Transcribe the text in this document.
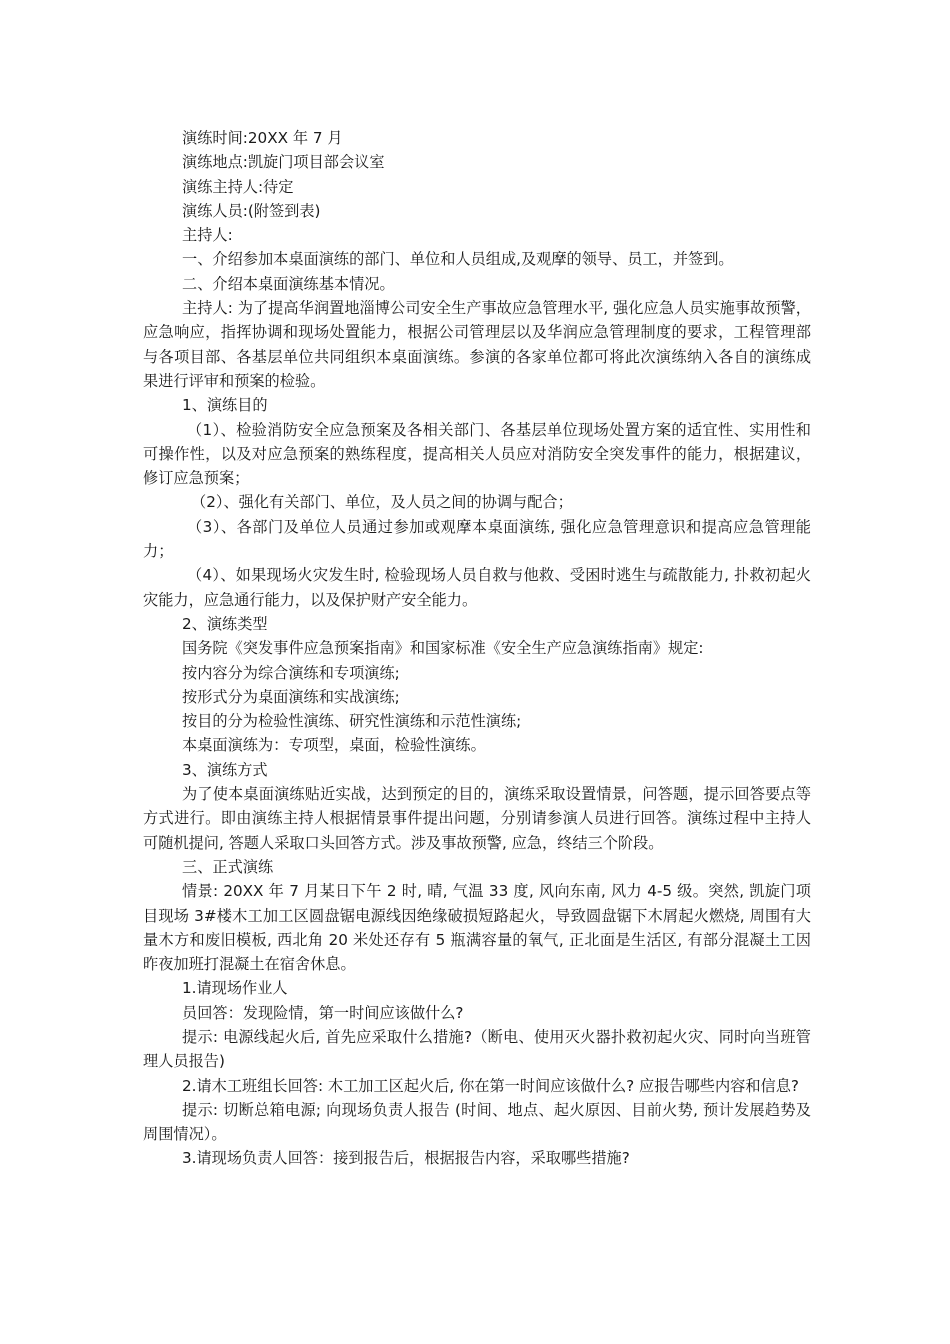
演练时间:20XX 年 7 月

演练地点:凯旋门项目部会议室

演练主持人:待定

演练人员:(附签到表)

主持人:

一、介绍参加本桌面演练的部门、单位和人员组成,及观摩的领导、员工，并签到。

二、介绍本桌面演练基本情况。

主持人: 为了提高华润置地淄博公司安全生产事故应急管理水平, 强化应急人员实施事故预警，应急响应，指挥协调和现场处置能力，根据公司管理层以及华润应急管理制度的要求，工程管理部与各项目部、各基层单位共同组织本桌面演练。参演的各家单位都可将此次演练纳入各自的演练成果进行评审和预案的检验。

1、演练目的

（1）、检验消防安全应急预案及各相关部门、各基层单位现场处置方案的适宜性、实用性和可操作性，以及对应急预案的熟练程度，提高相关人员应对消防安全突发事件的能力，根据建议，修订应急预案；

（2）、强化有关部门、单位，及人员之间的协调与配合；

（3）、各部门及单位人员通过参加或观摩本桌面演练, 强化应急管理意识和提高应急管理能力；

（4）、如果现场火灾发生时, 检验现场人员自救与他救、受困时逃生与疏散能力, 扑救初起火灾能力，应急通行能力，以及保护财产安全能力。

2、演练类型

国务院《突发事件应急预案指南》和国家标准《安全生产应急演练指南》规定:

按内容分为综合演练和专项演练;

按形式分为桌面演练和实战演练;

按目的分为检验性演练、研究性演练和示范性演练;

本桌面演练为：专项型，桌面，检验性演练。

3、演练方式

为了使本桌面演练贴近实战，达到预定的目的，演练采取设置情景，问答题，提示回答要点等方式进行。即由演练主持人根据情景事件提出问题，分别请参演人员进行回答。演练过程中主持人可随机提问, 答题人采取口头回答方式。涉及事故预警, 应急，终结三个阶段。

三、正式演练

情景: 20XX 年 7 月某日下午 2 时, 晴, 气温 33 度, 风向东南, 风力 4-5 级。突然, 凯旋门项目现场 3#楼木工加工区圆盘锯电源线因绝缘破损短路起火，导致圆盘锯下木屑起火燃烧, 周围有大量木方和废旧模板, 西北角 20 米处还存有 5 瓶满容量的氧气, 正北面是生活区, 有部分混凝土工因昨夜加班打混凝土在宿舍休息。

1.请现场作业人

员回答：发现险情，第一时间应该做什么?

提示: 电源线起火后, 首先应采取什么措施?（断电、使用灭火器扑救初起火灾、同时向当班管理人员报告)

2.请木工班组长回答: 木工加工区起火后, 你在第一时间应该做什么? 应报告哪些内容和信息?

提示: 切断总箱电源; 向现场负责人报告 (时间、地点、起火原因、目前火势, 预计发展趋势及周围情况）。

3.请现场负责人回答：接到报告后，根据报告内容，采取哪些措施?
